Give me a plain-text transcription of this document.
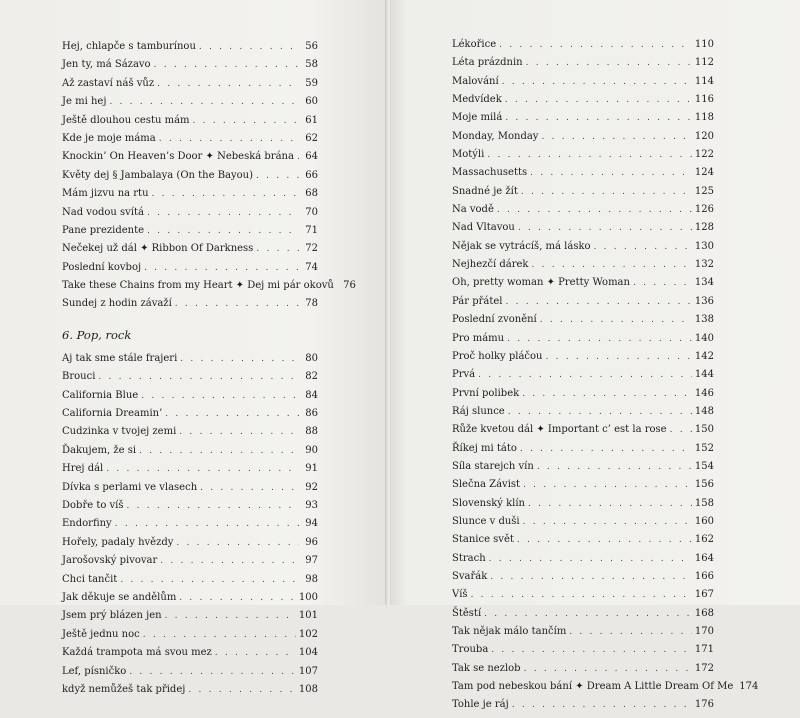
Hej, chlapče s tamburínou . . .	56
Jen ty, má Sázavo . . .	58
Až zastaví náš vůz . . .	59
Je mi hej . . .	60
Ještě dlouhou cestu mám . . .	61
Kde je moje máma . . .	62
Knockin’ On Heaven’s Door ✦ Nebeská brána . . .	64
Květy dej § Jambalaya (On the Bayou) . . .	66
Mám jizvu na rtu . . .	68
Nad vodou svítá . . .	70
Pane prezidente . . .	71
Nečekej už dál ✦ Ribbon Of Darkness . . .	72
Poslední kovboj . . .	74
Take these Chains from my Heart ✦ Dej mi pár okovů 76
Sundej z hodin závaží . . .	78
6. Pop, rock
Aj tak sme stále frajeri . . .	80
Brouci . . .	82
California Blue . . .	84
California Dreamin’ . . .	86
Cudzinka v tvojej zemi . . .	88
Ďakujem, že si . . .	90
Hrej dál . . .	91
Dívka s perlami ve vlasech . . .	92
Dobře to víš . . .	93
Endorfiny . . .	94
Hořely, padaly hvězdy . . .	96
Jarošovský pivovar . . .	97
Chci tančit . . .	98
Jak děkuje se andělům . . .	100
Jsem prý blázen jen . . .	101
Ještě jednu noc . . .	102
Každá trampota má svou mez . . .	104
Lef, písničko . . .	107
když nemůžeš tak přidej . . .	108
Lékořice . . .	110
Léta prázdnin . . .	112
Malování . . .	114
Medvídek . . .	116
Moje milá . . .	118
Monday, Monday . . .	120
Motýli . . .	122
Massachusetts . . .	124
Snadné je žít . . .	125
Na vodě . . .	126
Nad Vltavou . . .	128
Nějak se vytrácíš, má lásko . . .	130
Nejhezčí dárek . . .	132
Oh, pretty woman ✦ Pretty Woman . . .	134
Pár přátel . . .	136
Poslední zvonění . . .	138
Pro mámu . . .	140
Proč holky pláčou . . .	142
Prvá . . .	144
První polibek . . .	146
Ráj slunce . . .	148
Růže kvetou dál ✦ Important c’ est la rose . . .	150
Říkej mi táto . . .	152
Síla starejch vín . . .	154
Slečna Závist . . .	156
Slovenský klín . . .	158
Slunce v duši . . .	160
Stanice svět . . .	162
Strach . . .	164
Svařák . . .	166
Víš . . .	167
Štěstí . . .	168
Tak nějak málo tančím . . .	170
Trouba . . .	171
Tak se nezlob . . .	172
Tam pod nebeskou bání ✦ Dream A Little Dream Of Me 174
Tohle je ráj . . .	176
